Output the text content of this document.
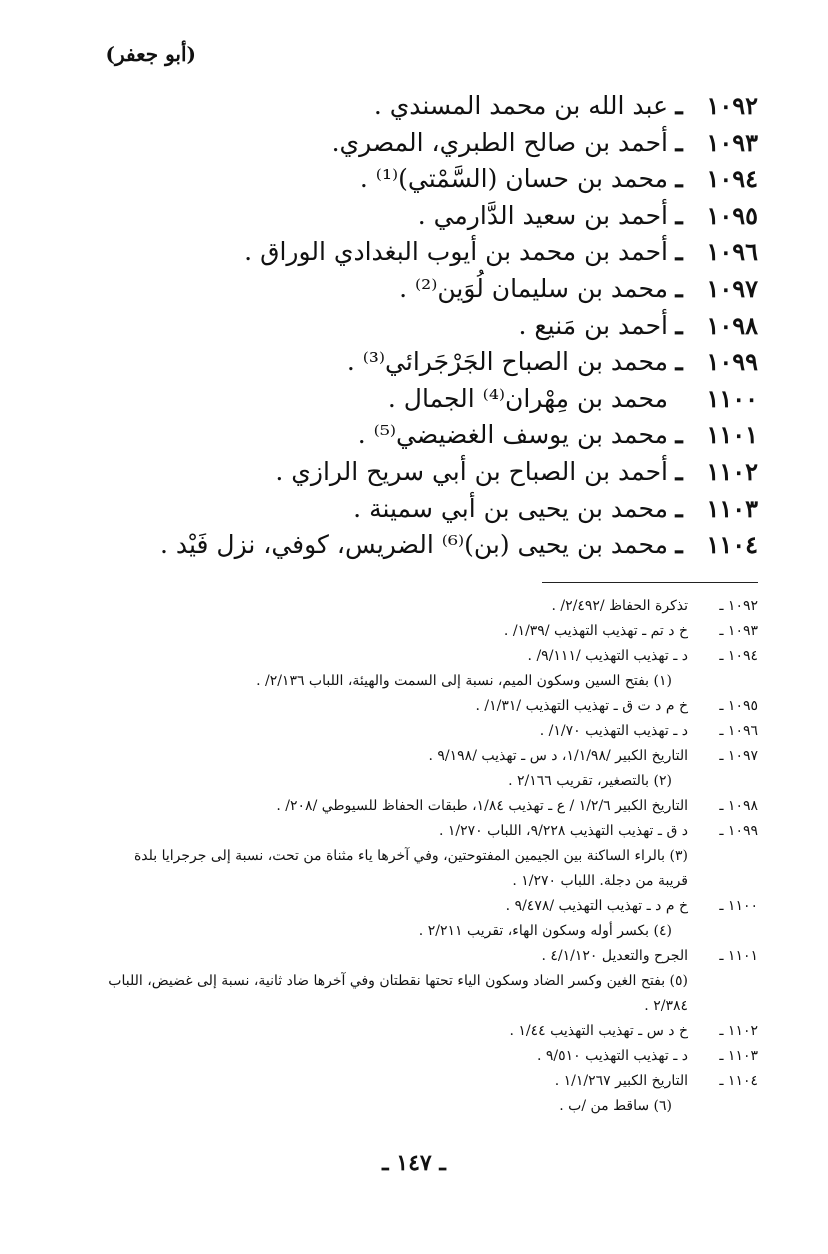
(أبو جعفر)
١٠٩٢
ـ
عبد الله بن محمد المسندي .
١٠٩٣
ـ
أحمد بن صالح الطبري، المصري.
١٠٩٤
ـ
محمد بن حسان (السَّمْتي)⁽¹⁾ .
١٠٩٥
ـ
أحمد بن سعيد الدَّارمي .
١٠٩٦
ـ
أحمد بن محمد بن أيوب البغدادي الوراق .
١٠٩٧
ـ
محمد بن سليمان لُوَين⁽²⁾ .
١٠٩٨
ـ
أحمد بن مَنيع .
١٠٩٩
ـ
محمد بن الصباح الجَرْجَرائي⁽³⁾ .
١١٠٠
محمد بن مِهْران⁽⁴⁾ الجمال .
١١٠١
ـ
محمد بن يوسف الغضيضي⁽⁵⁾ .
١١٠٢
ـ
أحمد بن الصباح بن أبي سريح الرازي .
١١٠٣
ـ
محمد بن يحيى بن أبي سمينة .
١١٠٤
ـ
محمد بن يحيى (بن)⁽⁶⁾ الضريس، كوفي، نزل فَيْد .
١٠٩٢ ـ
تذكرة الحفاظ /٢/٤٩٢/ .
١٠٩٣ ـ
خ د تم ـ تهذيب التهذيب /١/٣٩/ .
١٠٩٤ ـ
د ـ تهذيب التهذيب /٩/١١١/ .
(١) بفتح السين وسكون الميم، نسبة إلى السمت والهيئة، اللباب ٢/١٣٦/ .
١٠٩٥ ـ
خ م د ت ق ـ تهذيب التهذيب /١/٣١/ .
١٠٩٦ ـ
د ـ تهذيب التهذيب ١/٧٠/ .
١٠٩٧ ـ
التاريخ الكبير /١/١/٩٨، د س ـ تهذيب /٩/١٩٨ .
(٢) بالتصغير، تقريب ٢/١٦٦ .
١٠٩٨ ـ
التاريخ الكبير ١/٢/٦ / ع ـ تهذيب ١/٨٤، طبقات الحفاظ للسيوطي /٢٠٨/ .
١٠٩٩ ـ
د ق ـ تهذيب التهذيب ٩/٢٢٨، اللباب ١/٢٧٠ .
(٣) بالراء الساكنة بين الجيمين المفتوحتين، وفي آخرها ياء مثناة من تحت، نسبة إلى جرجرايا بلدة قريبة من دجلة. اللباب ١/٢٧٠ .
١١٠٠ ـ
خ م د ـ تهذيب التهذيب /٩/٤٧٨ .
(٤) بكسر أوله وسكون الهاء، تقريب ٢/٢١١ .
١١٠١ ـ
الجرح والتعديل ٤/١/١٢٠ .
(٥) بفتح الغين وكسر الضاد وسكون الياء تحتها نقطتان وفي آخرها ضاد ثانية، نسبة إلى غضيض، اللباب ٢/٣٨٤ .
١١٠٢ ـ
خ د س ـ تهذيب التهذيب ١/٤٤ .
١١٠٣ ـ
د ـ تهذيب التهذيب ٩/٥١٠ .
١١٠٤ ـ
التاريخ الكبير ١/١/٢٦٧ .
(٦) ساقط من /ب .
ـ ١٤٧ ـ
